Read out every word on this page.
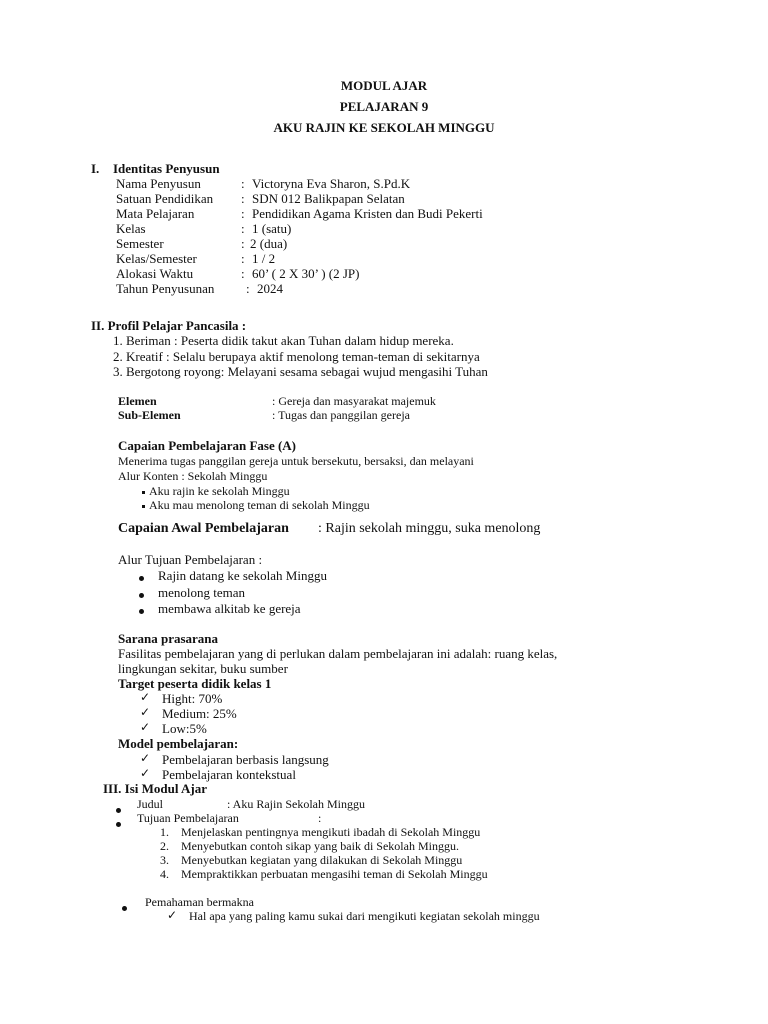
MODUL AJAR
PELAJARAN 9
AKU RAJIN KE SEKOLAH MINGGU
I. Identitas Penyusun
Nama Penyusun	: Victoryna Eva Sharon, S.Pd.K
Satuan Pendidikan : SDN 012 Balikpapan Selatan
Mata Pelajaran	: Pendidikan Agama Kristen dan Budi Pekerti
Kelas	: 1 (satu)
Semester	: 2 (dua)
Kelas/Semester	: 1 / 2
Alokasi Waktu	: 60’ ( 2 X 30’ ) (2 JP)
Tahun Penyusunan : 2024
II. Profil Pelajar Pancasila :
1. Beriman : Peserta didik takut akan Tuhan dalam hidup mereka.
2. Kreatif : Selalu berupaya aktif menolong teman-teman di sekitarnya
3. Bergotong royong: Melayani sesama sebagai wujud mengasihi Tuhan
Elemen	: Gereja dan masyarakat majemuk
Sub-Elemen	: Tugas dan panggilan gereja
Capaian Pembelajaran Fase (A)
Menerima tugas panggilan gereja untuk bersekutu, bersaksi, dan melayani
Alur Konten : Sekolah Minggu
Aku rajin ke sekolah Minggu
Aku mau menolong teman di sekolah Minggu
Capaian Awal Pembelajaran : Rajin sekolah minggu, suka menolong
Alur Tujuan Pembelajaran :
Rajin datang ke sekolah Minggu
menolong teman
membawa alkitab ke gereja
Sarana prasarana
Fasilitas pembelajaran yang di perlukan dalam pembelajaran ini adalah: ruang kelas,
lingkungan sekitar, buku sumber
Target peserta didik kelas 1
✓ Hight: 70%
✓ Medium: 25%
✓ Low:5%
Model pembelajaran:
✓ Pembelajaran berbasis langsung
✓ Pembelajaran kontekstual
III. Isi Modul Ajar
Judul	: Aku Rajin Sekolah Minggu
Tujuan Pembelajaran	:
1. Menjelaskan pentingnya mengikuti ibadah di Sekolah Minggu
2. Menyebutkan contoh sikap yang baik di Sekolah Minggu.
3. Menyebutkan kegiatan yang dilakukan di Sekolah Minggu
4. Mempraktikkan perbuatan mengasihi teman di Sekolah Minggu
Pemahaman bermakna
✓ Hal apa yang paling kamu sukai dari mengikuti kegiatan sekolah minggu
